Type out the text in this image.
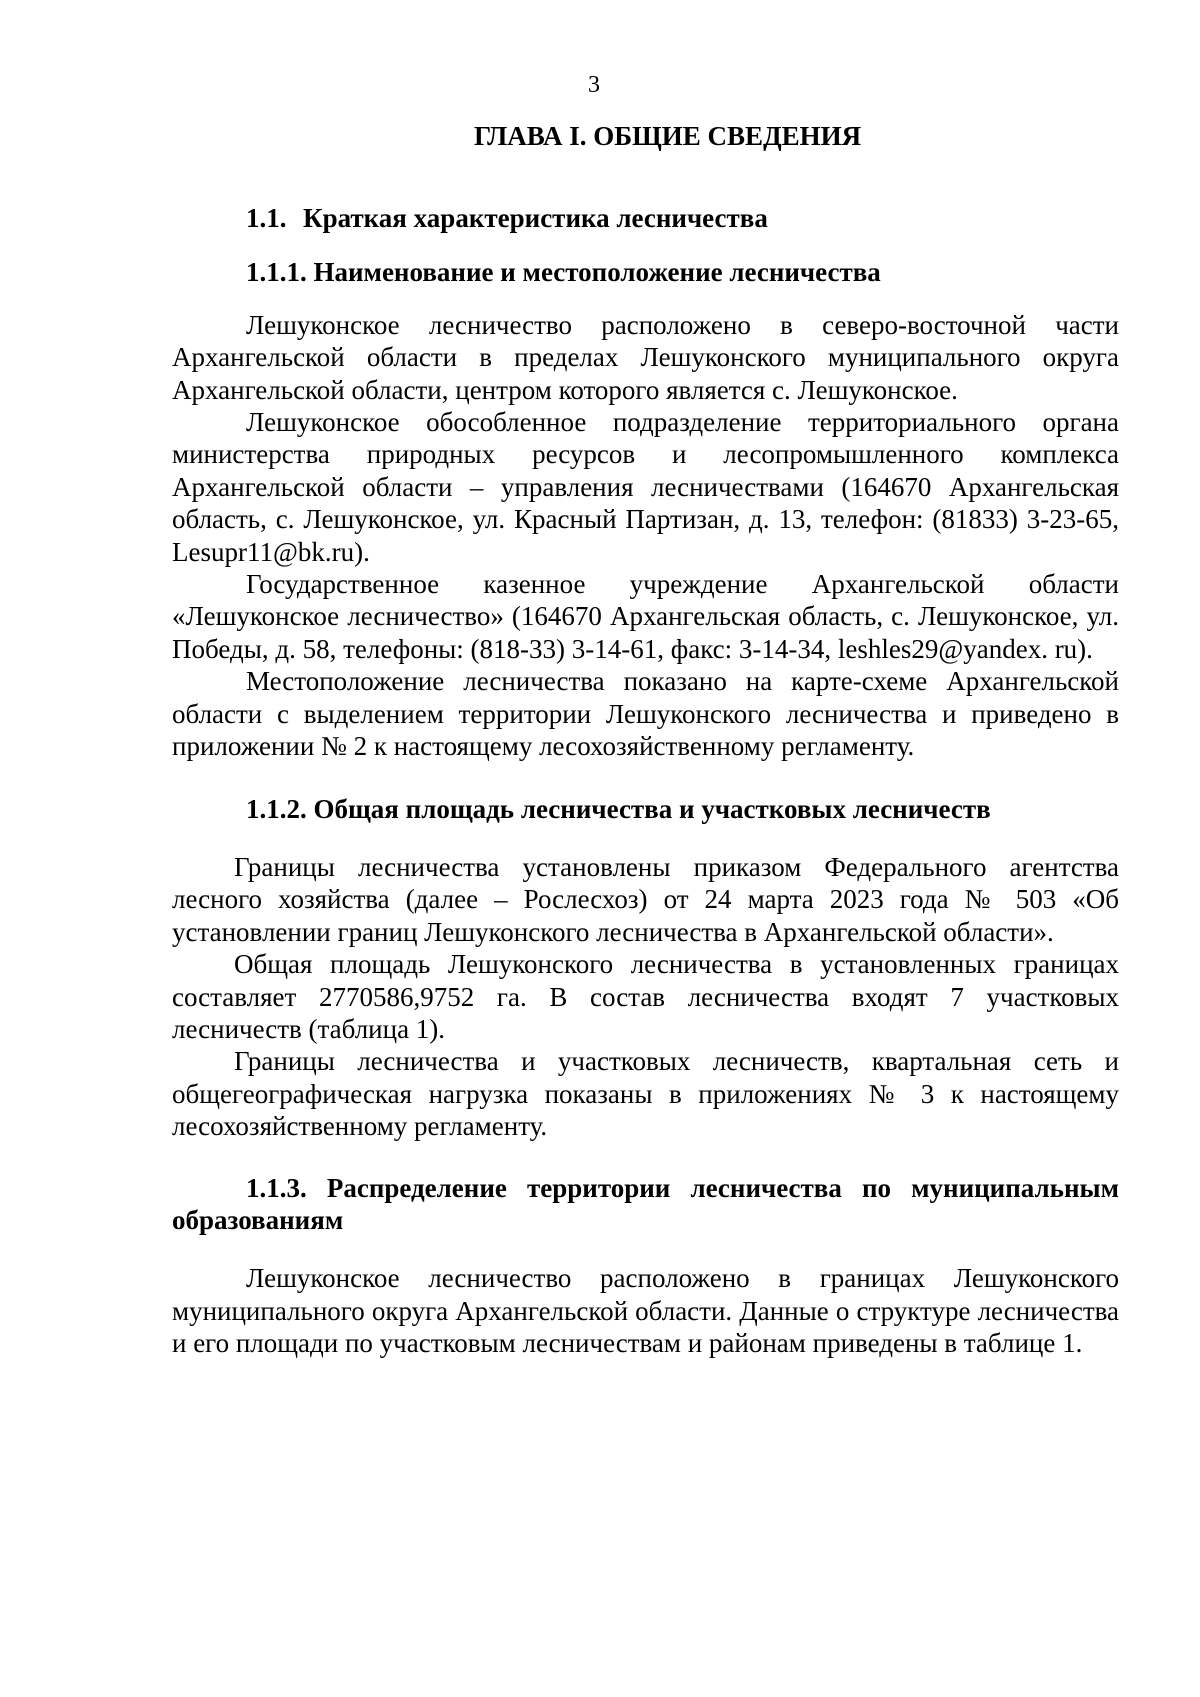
3
ГЛАВА I. ОБЩИЕ СВЕДЕНИЯ
1.1. Краткая характеристика лесничества
1.1.1. Наименование и местоположение лесничества

Лешуконское лесничество расположено в северо-восточной части Архангельской области в пределах Лешуконского муниципального округа Архангельской области, центром которого является с. Лешуконское.

Лешуконское обособленное подразделение территориального органа министерства природных ресурсов и лесопромышленного комплекса Архангельской области – управления лесничествами (164670 Архангельская область, с. Лешуконское, ул. Красный Партизан, д. 13, телефон: (81833) 3-23-65, Lesupr11@bk.ru).

Государственное казенное учреждение Архангельской области «Лешуконское лесничество» (164670 Архангельская область, с. Лешуконское, ул. Победы, д. 58, телефоны: (818-33) 3-14-61, факс: 3-14-34, leshles29@yandex. ru).

Местоположение лесничества показано на карте-схеме Архангельской области с выделением территории Лешуконского лесничества и приведено в приложении № 2 к настоящему лесохозяйственному регламенту.

1.1.2. Общая площадь лесничества и участковых лесничеств

Границы лесничества установлены приказом Федерального агентства лесного хозяйства (далее – Рослесхоз) от 24 марта 2023 года № 503 «Об установлении границ Лешуконского лесничества в Архангельской области».

Общая площадь Лешуконского лесничества в установленных границах составляет 2770586,9752 га. В состав лесничества входят 7 участковых лесничеств (таблица 1).

Границы лесничества и участковых лесничеств, квартальная сеть и общегеографическая нагрузка показаны в приложениях № 3 к настоящему лесохозяйственному регламенту.

1.1.3. Распределение территории лесничества по муниципальным образованиям

Лешуконское лесничество расположено в границах Лешуконского муниципального округа Архангельской области. Данные о структуре лесничества и его площади по участковым лесничествам и районам приведены в таблице 1.
